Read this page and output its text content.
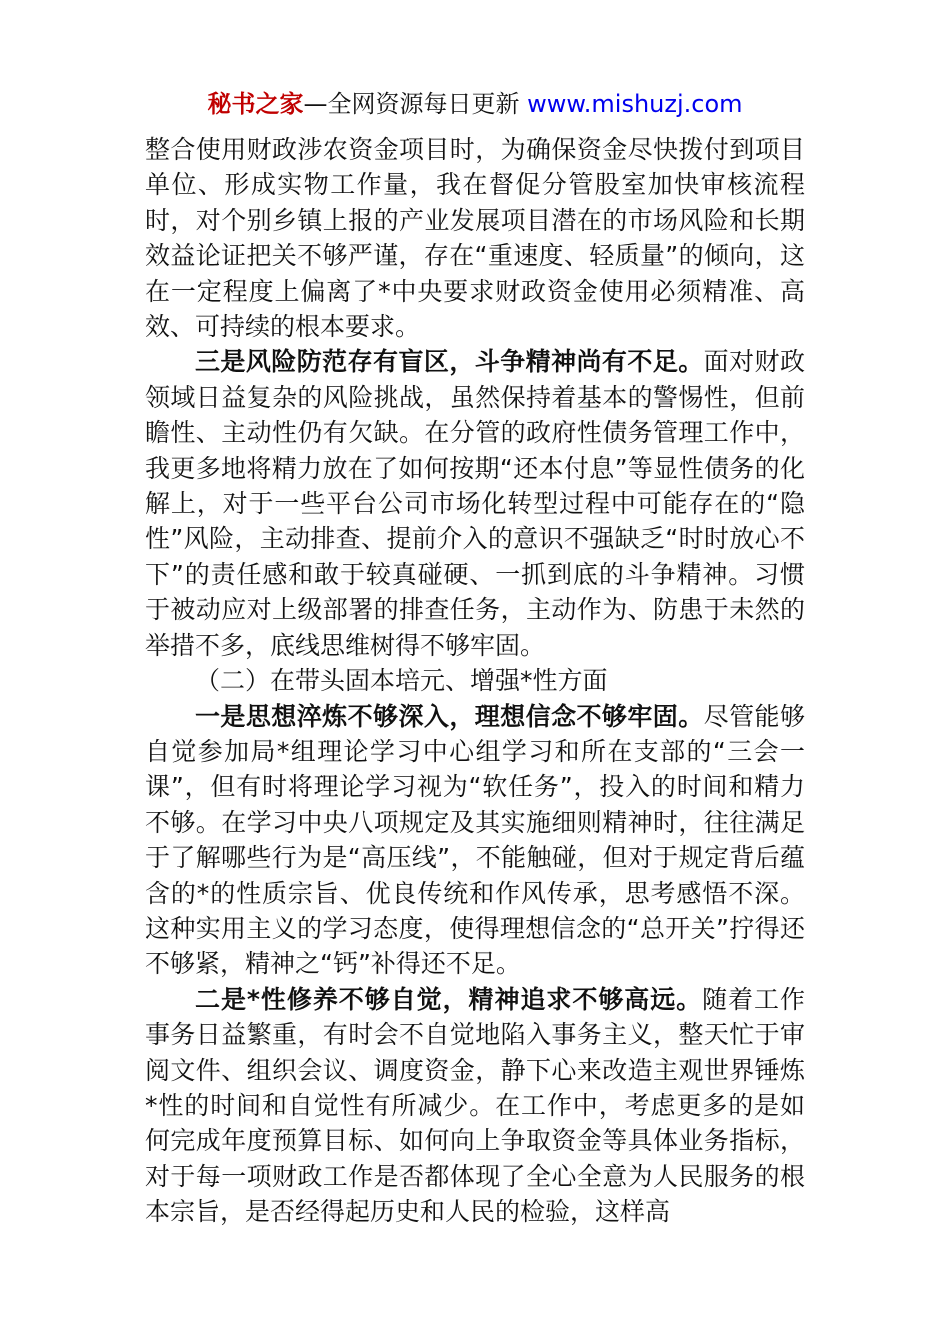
秘书之家—全网资源每日更新 www.mishuzj.com

整合使用财政涉农资金项目时，为确保资金尽快拨付到项目单位、形成实物工作量，我在督促分管股室加快审核流程时，对个别乡镇上报的产业发展项目潜在的市场风险和长期效益论证把关不够严谨，存在“重速度、轻质量”的倾向，这在一定程度上偏离了*中央要求财政资金使用必须精准、高效、可持续的根本要求。

三是风险防范存有盲区，斗争精神尚有不足。面对财政领域日益复杂的风险挑战，虽然保持着基本的警惕性，但前瞻性、主动性仍有欠缺。在分管的政府性债务管理工作中，我更多地将精力放在了如何按期“还本付息”等显性债务的化解上，对于一些平台公司市场化转型过程中可能存在的“隐性”风险，主动排查、提前介入的意识不强缺乏“时时放心不下”的责任感和敢于较真碰硬、一抓到底的斗争精神。习惯于被动应对上级部署的排查任务，主动作为、防患于未然的举措不多，底线思维树得不够牢固。

（二）在带头固本培元、增强*性方面

一是思想淬炼不够深入，理想信念不够牢固。尽管能够自觉参加局*组理论学习中心组学习和所在支部的“三会一课”，但有时将理论学习视为“软任务”，投入的时间和精力不够。在学习中央八项规定及其实施细则精神时，往往满足于了解哪些行为是“高压线”，不能触碰，但对于规定背后蕴含的*的性质宗旨、优良传统和作风传承，思考感悟不深。这种实用主义的学习态度，使得理想信念的“总开关”拧得还不够紧，精神之“钙”补得还不足。

二是*性修养不够自觉，精神追求不够高远。随着工作事务日益繁重，有时会不自觉地陷入事务主义，整天忙于审阅文件、组织会议、调度资金，静下心来改造主观世界锤炼*性的时间和自觉性有所减少。在工作中，考虑更多的是如何完成年度预算目标、如何向上争取资金等具体业务指标，对于每一项财政工作是否都体现了全心全意为人民服务的根本宗旨，是否经得起历史和人民的检验，这样高
